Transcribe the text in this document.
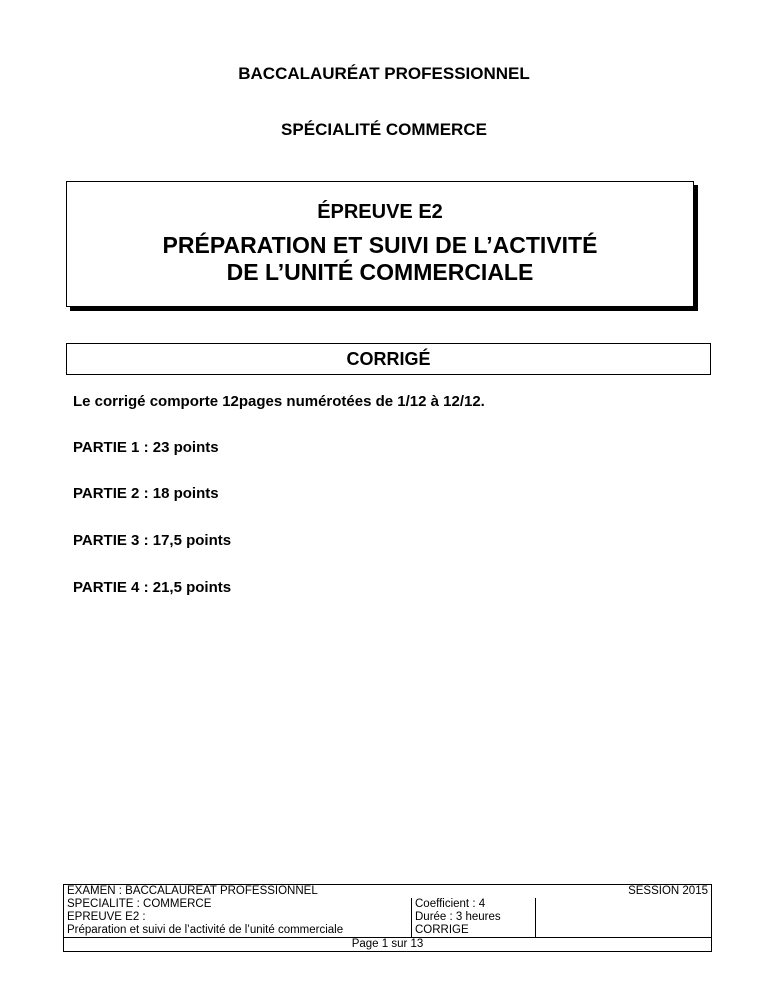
BACCALAURÉAT PROFESSIONNEL
SPÉCIALITÉ COMMERCE
ÉPREUVE E2
PRÉPARATION ET SUIVI DE L’ACTIVITÉ
DE L’UNITÉ COMMERCIALE
CORRIGÉ
Le corrigé comporte 12pages numérotées de 1/12 à 12/12.
PARTIE 1 : 23 points
PARTIE 2 : 18 points
PARTIE 3 : 17,5 points
PARTIE 4 : 21,5 points
EXAMEN : BACCALAURÉAT PROFESSIONNEL		SESSION 2015
SPÉCIALITÉ : COMMERCE	Coefficient : 4	
ÉPREUVE E2 :	Durée : 3 heures	
Préparation et suivi de l’activité de l’unité commerciale	CORRIGE	
Page 1 sur 13		
